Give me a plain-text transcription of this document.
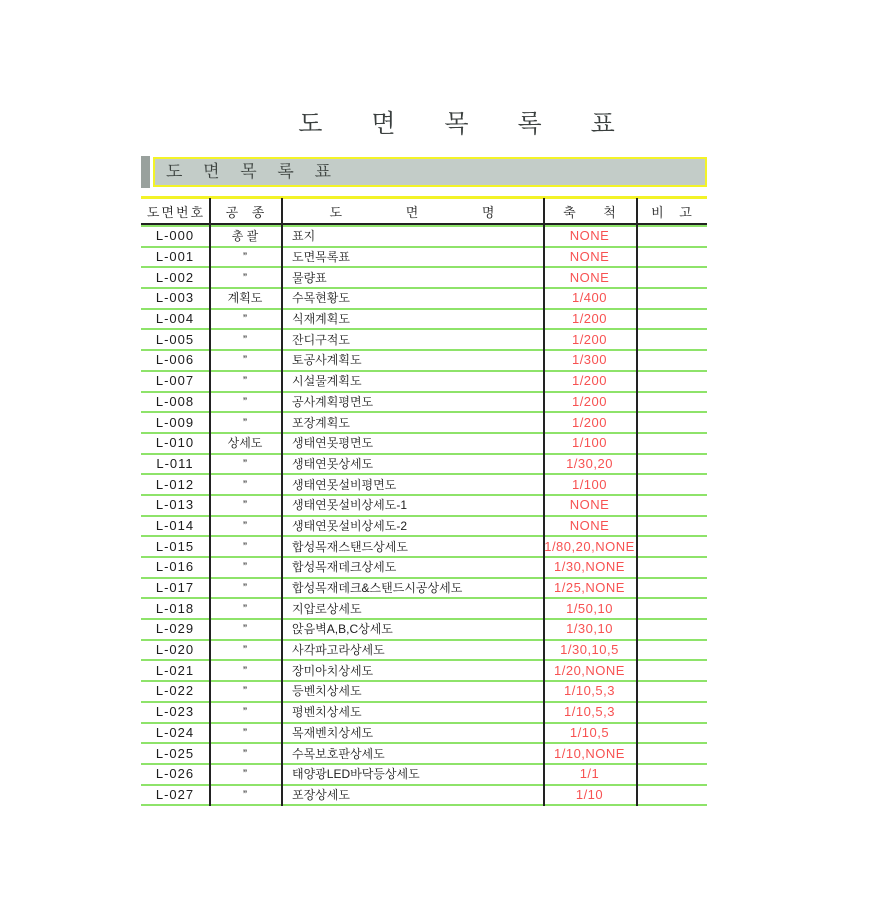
도 면 목 록 표
도 면 목 록 표
도면번호	공 종	도 면 명	축 척	비 고
L-000	총 괄	표지	NONE
L-001	”	도면목록표	NONE
L-002	”	물량표	NONE
L-003	계획도	수목현황도	1/400
L-004	”	식재계획도	1/200
L-005	”	잔디구적도	1/200
L-006	”	토공사계획도	1/300
L-007	”	시설물계획도	1/200
L-008	”	공사계획평면도	1/200
L-009	”	포장계획도	1/200
L-010	상세도	생태연못평면도	1/100
L-011	”	생태연못상세도	1/30,20
L-012	”	생태연못설비평면도	1/100
L-013	”	생태연못설비상세도-1	NONE
L-014	”	생태연못설비상세도-2	NONE
L-015	”	합성목재스탠드상세도	1/80,20,NONE
L-016	”	합성목재데크상세도	1/30,NONE
L-017	”	합성목재데크&스탠드시공상세도	1/25,NONE
L-018	”	지압로상세도	1/50,10
L-029	”	앉음벽A,B,C상세도	1/30,10
L-020	”	사각파고라상세도	1/30,10,5
L-021	”	장미아치상세도	1/20,NONE
L-022	”	등벤치상세도	1/10,5,3
L-023	”	평벤치상세도	1/10,5,3
L-024	”	목재벤치상세도	1/10,5
L-025	”	수목보호판상세도	1/10,NONE
L-026	”	태양광LED바닥등상세도	1/1
L-027	”	포장상세도	1/10
